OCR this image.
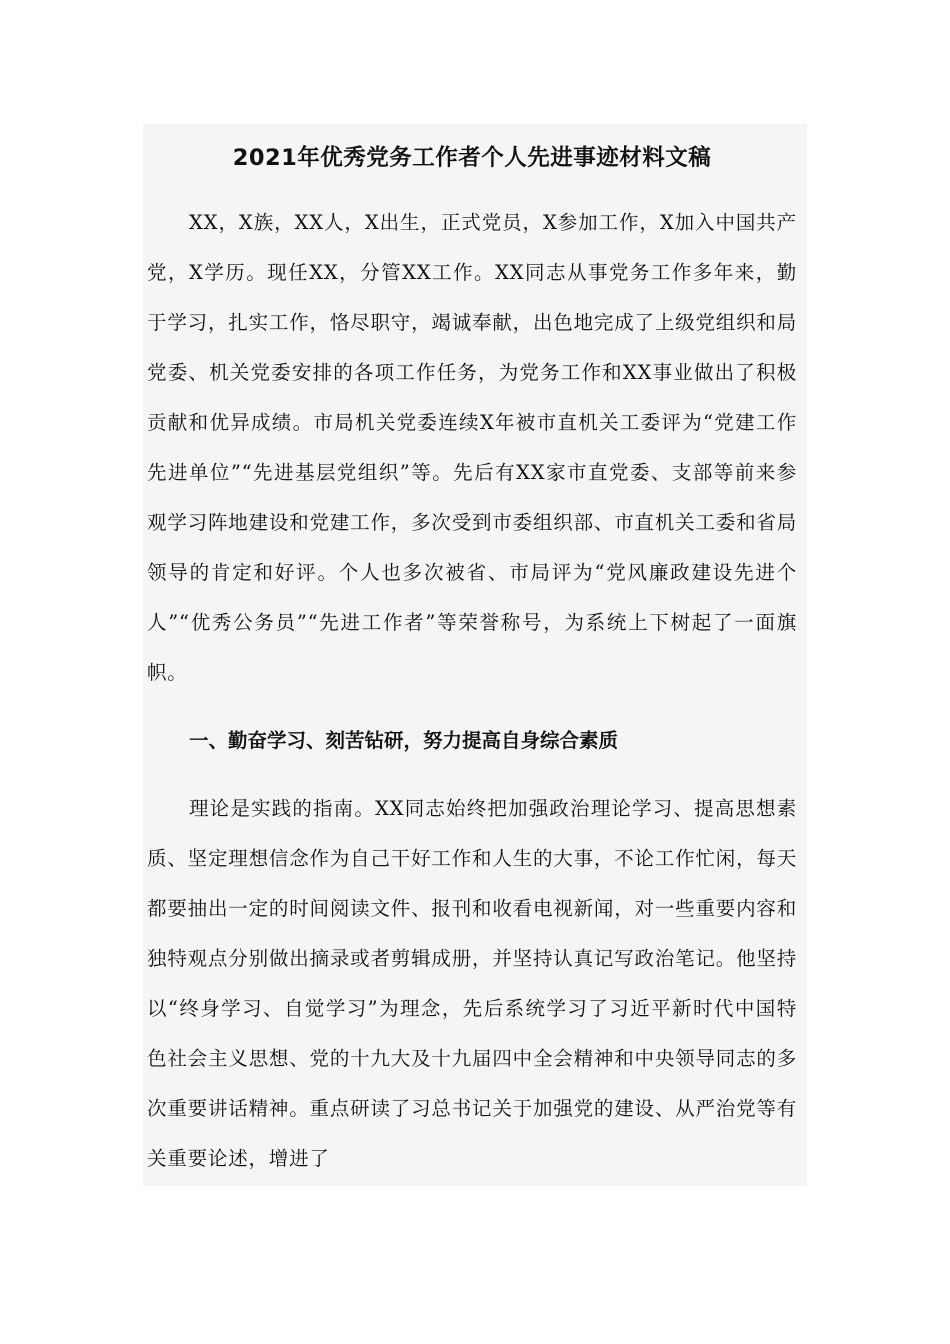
2021年优秀党务工作者个人先进事迹材料文稿

XX，X族，XX人，X出生，正式党员，X参加工作，X加入中国共产党，X学历。现任XX，分管XX工作。XX同志从事党务工作多年来，勤于学习，扎实工作，恪尽职守，竭诚奉献，出色地完成了上级党组织和局党委、机关党委安排的各项工作任务，为党务工作和XX事业做出了积极贡献和优异成绩。市局机关党委连续X年被市直机关工委评为“党建工作先进单位”“先进基层党组织”等。先后有XX家市直党委、支部等前来参观学习阵地建设和党建工作，多次受到市委组织部、市直机关工委和省局领导的肯定和好评。个人也多次被省、市局评为“党风廉政建设先进个人”“优秀公务员”“先进工作者”等荣誉称号，为系统上下树起了一面旗帜。

一、勤奋学习、刻苦钻研，努力提高自身综合素质

理论是实践的指南。XX同志始终把加强政治理论学习、提高思想素质、坚定理想信念作为自己干好工作和人生的大事，不论工作忙闲，每天都要抽出一定的时间阅读文件、报刊和收看电视新闻，对一些重要内容和独特观点分别做出摘录或者剪辑成册，并坚持认真记写政治笔记。他坚持以“终身学习、自觉学习”为理念，先后系统学习了习近平新时代中国特色社会主义思想、党的十九大及十九届四中全会精神和中央领导同志的多次重要讲话精神。重点研读了习总书记关于加强党的建设、从严治党等有关重要论述，增进了
